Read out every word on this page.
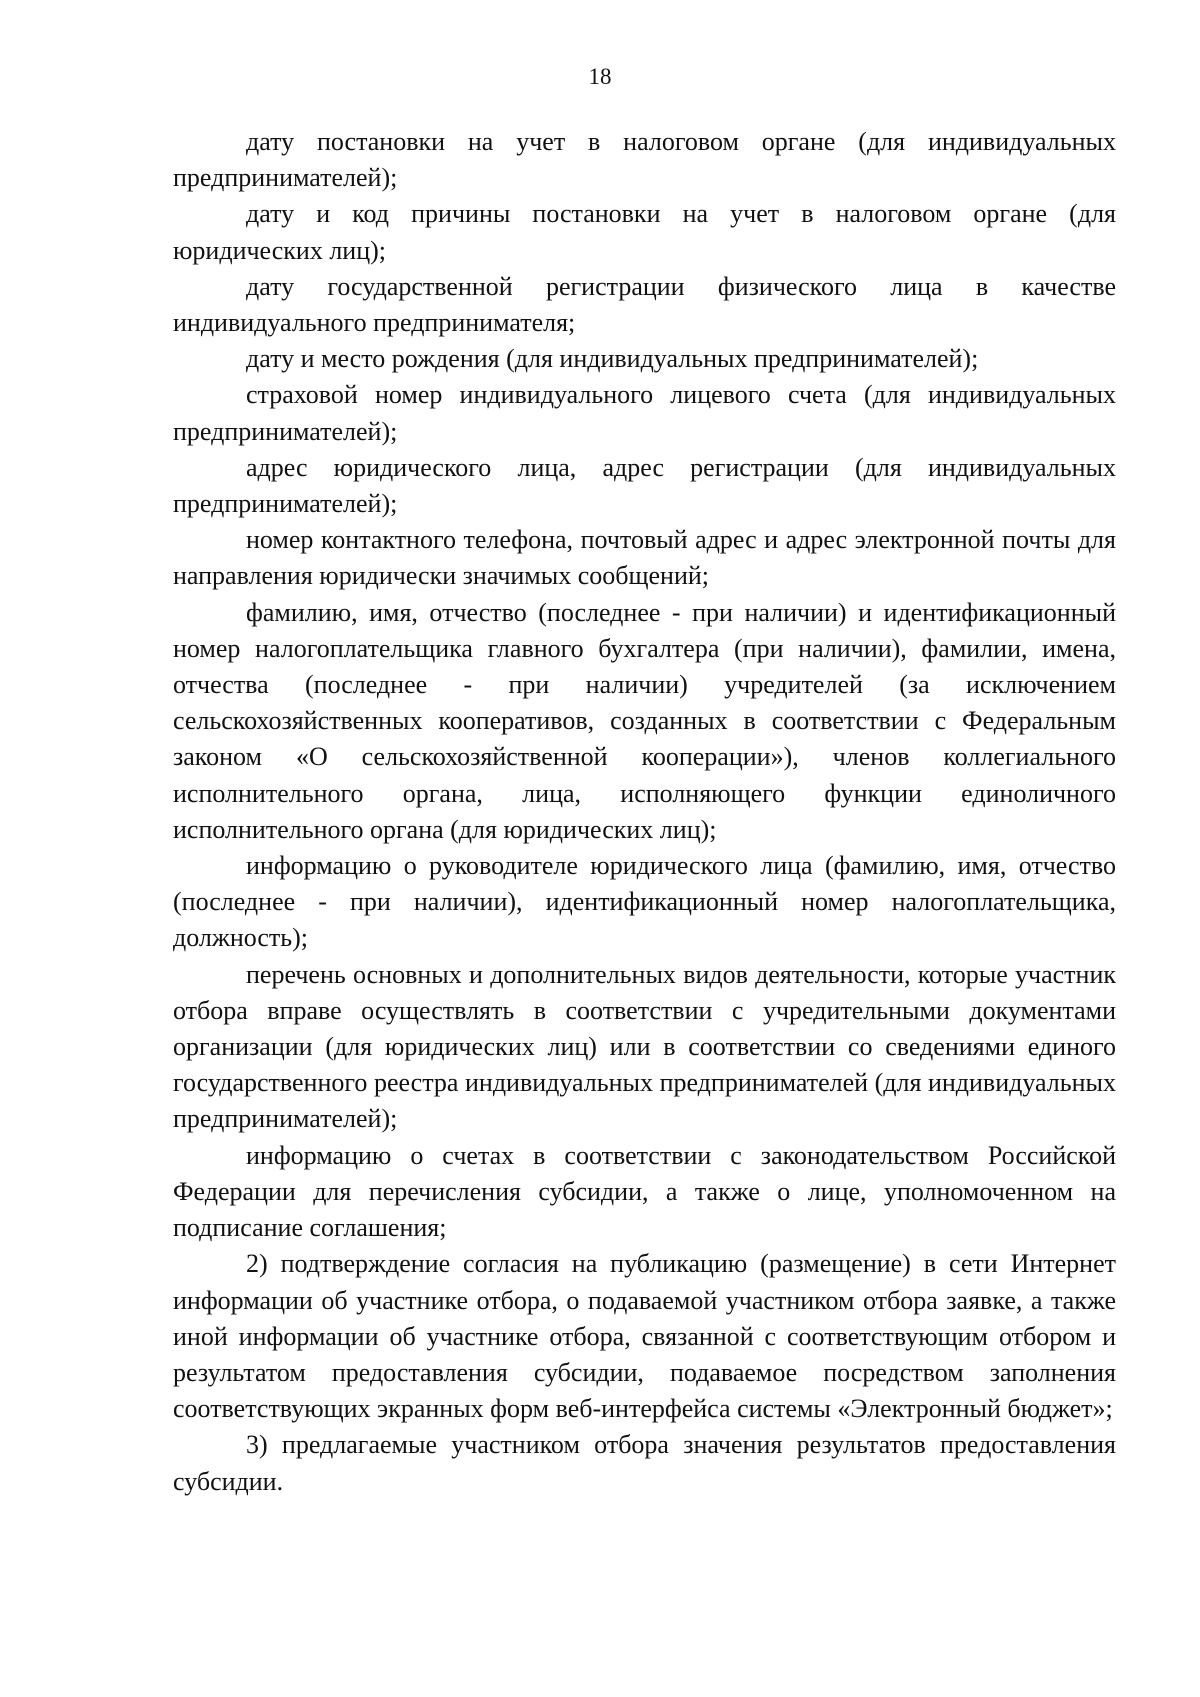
18

дату постановки на учет в налоговом органе (для индивидуальных предпринимателей);

дату и код причины постановки на учет в налоговом органе (для юридических лиц);

дату государственной регистрации физического лица в качестве индивидуального предпринимателя;

дату и место рождения (для индивидуальных предпринимателей);

страховой номер индивидуального лицевого счета (для индивидуальных предпринимателей);

адрес юридического лица, адрес регистрации (для индивидуальных предпринимателей);

номер контактного телефона, почтовый адрес и адрес электронной почты для направления юридически значимых сообщений;

фамилию, имя, отчество (последнее - при наличии) и идентификационный номер налогоплательщика главного бухгалтера (при наличии), фамилии, имена, отчества (последнее - при наличии) учредителей (за исключением сельскохозяйственных кооперативов, созданных в соответствии с Федеральным законом «О сельскохозяйственной кооперации»), членов коллегиального исполнительного органа, лица, исполняющего функции единоличного исполнительного органа (для юридических лиц);

информацию о руководителе юридического лица (фамилию, имя, отчество (последнее - при наличии), идентификационный номер налогоплательщика, должность);

перечень основных и дополнительных видов деятельности, которые участник отбора вправе осуществлять в соответствии с учредительными документами организации (для юридических лиц) или в соответствии со сведениями единого государственного реестра индивидуальных предпринимателей (для индивидуальных предпринимателей);

информацию о счетах в соответствии с законодательством Российской Федерации для перечисления субсидии, а также о лице, уполномоченном на подписание соглашения;

2) подтверждение согласия на публикацию (размещение) в сети Интернет информации об участнике отбора, о подаваемой участником отбора заявке, а также иной информации об участнике отбора, связанной с соответствующим отбором и результатом предоставления субсидии, подаваемое посредством заполнения соответствующих экранных форм веб-интерфейса системы «Электронный бюджет»;

3) предлагаемые участником отбора значения результатов предоставления субсидии.
